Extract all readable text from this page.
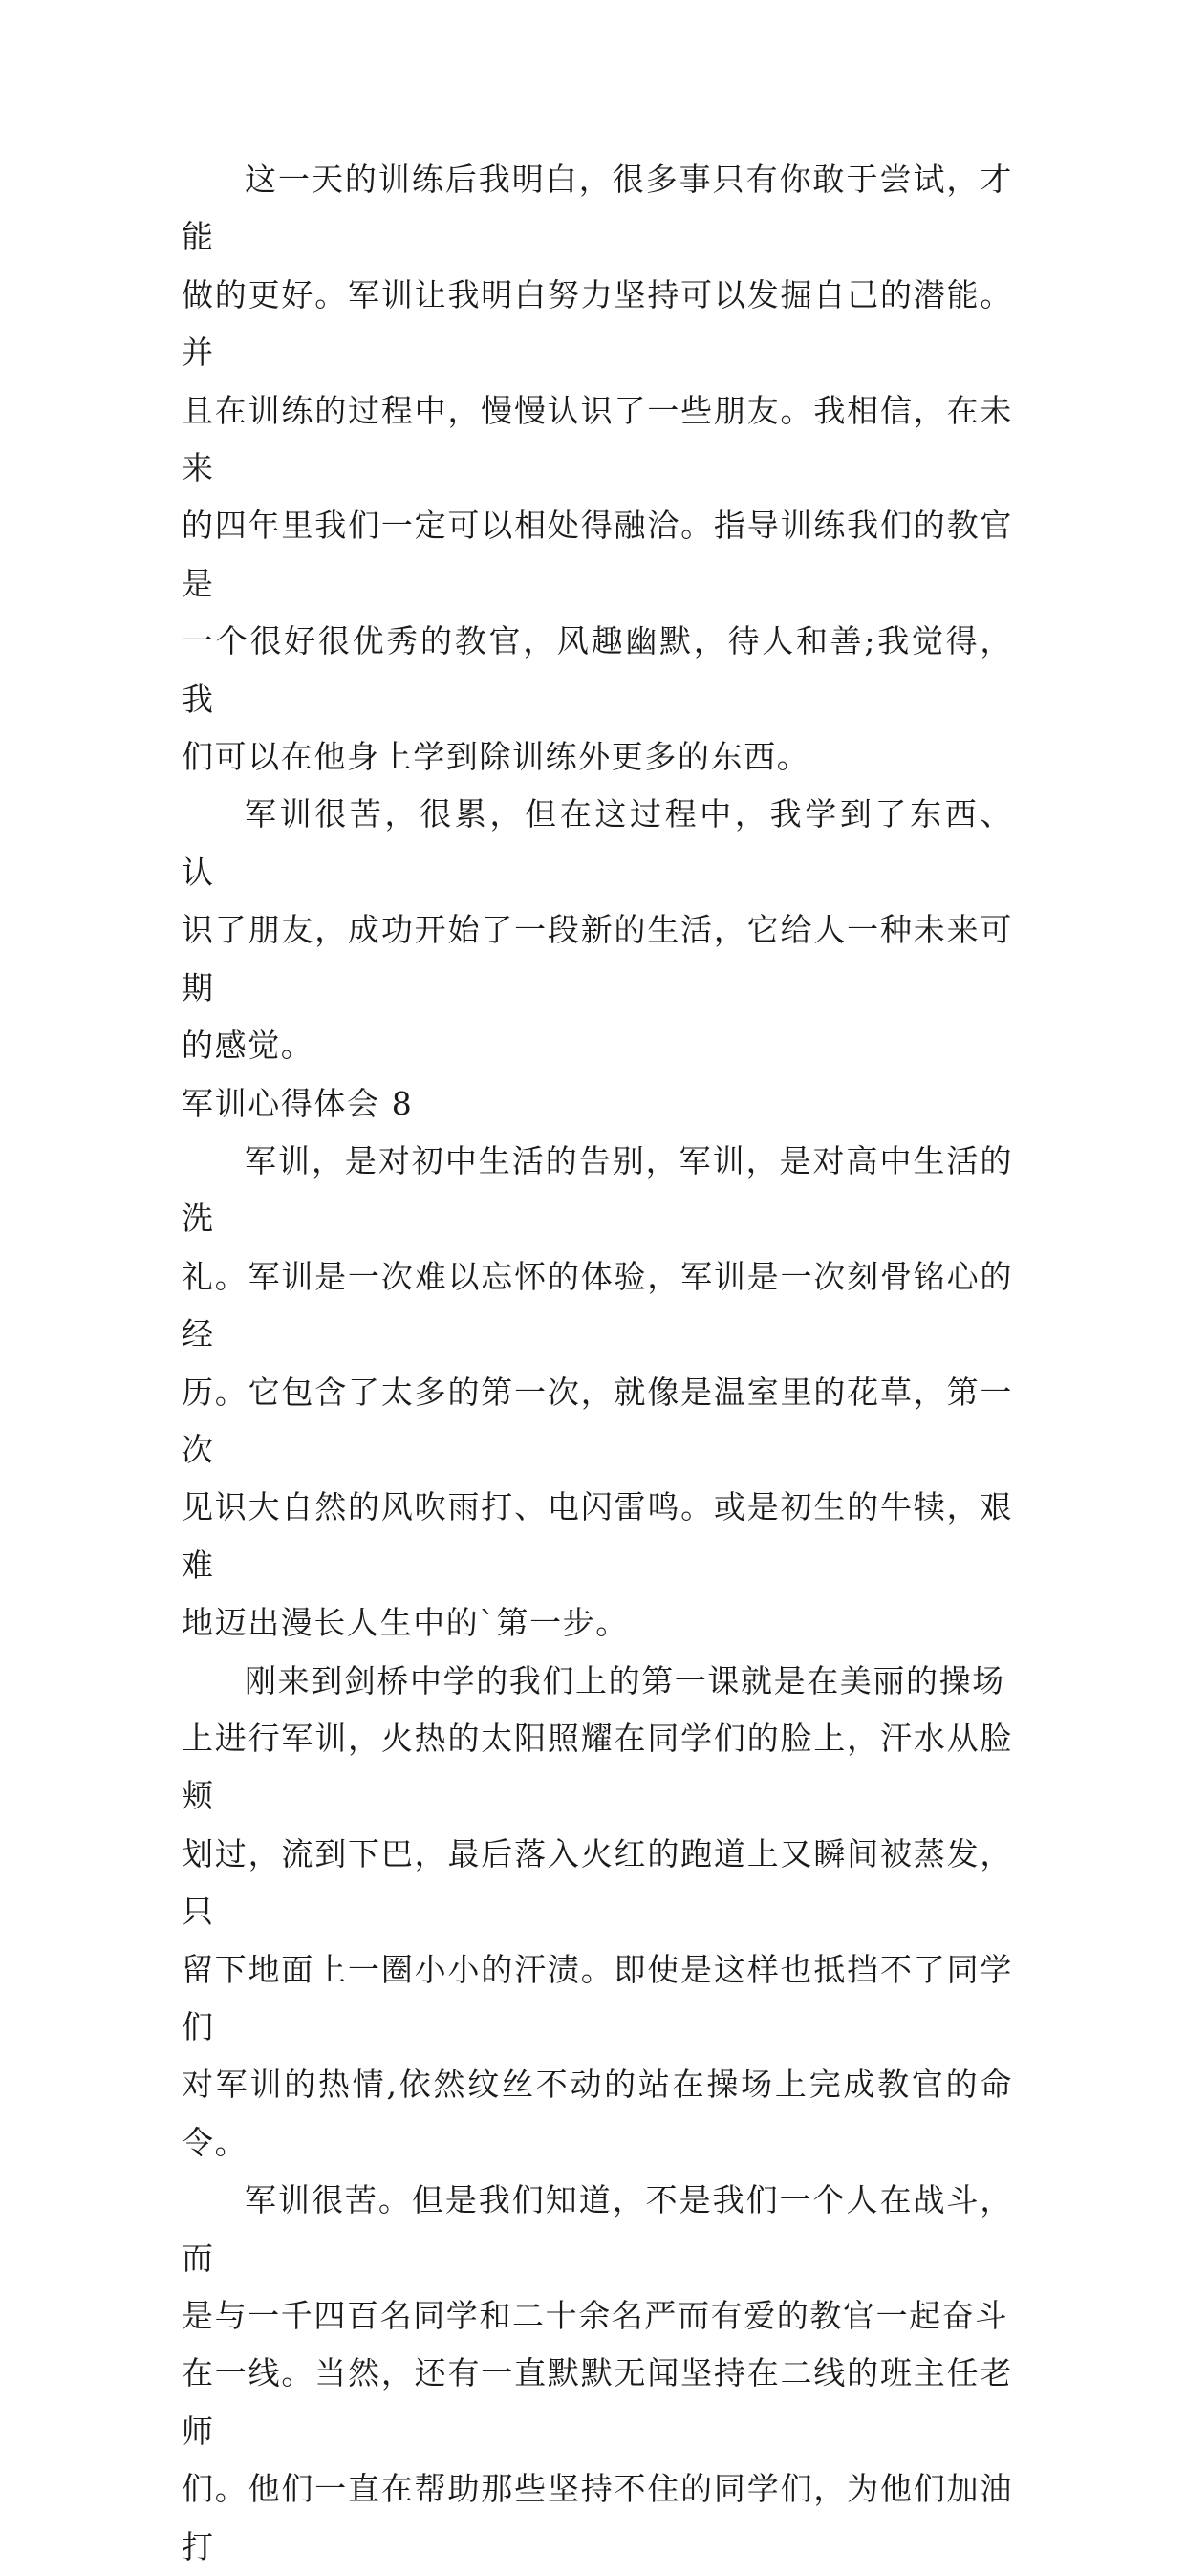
这一天的训练后我明白，很多事只有你敢于尝试，才能
做的更好。军训让我明白努力坚持可以发掘自己的潜能。并
且在训练的过程中，慢慢认识了一些朋友。我相信，在未来
的四年里我们一定可以相处得融洽。指导训练我们的教官是
一个很好很优秀的教官，风趣幽默，待人和善;我觉得，我
们可以在他身上学到除训练外更多的东西。

军训很苦，很累，但在这过程中，我学到了东西、 认
识了朋友，成功开始了一段新的生活，它给人一种未来可期
的感觉。

军训心得体会 8

军训，是对初中生活的告别，军训，是对高中生活的洗
礼。军训是一次难以忘怀的体验，军训是一次刻骨铭心的经
历。它包含了太多的第一次，就像是温室里的花草，第一次
见识大自然的风吹雨打、电闪雷鸣。或是初生的牛犊，艰难
地迈出漫长人生中的`第一步。

刚来到剑桥中学的我们上的第一课就是在美丽的操场
上进行军训，火热的太阳照耀在同学们的脸上，汗水从脸颊
划过，流到下巴，最后落入火红的跑道上又瞬间被蒸发，只
留下地面上一圈小小的汗渍。即使是这样也抵挡不了同学们
对军训的热情,依然纹丝不动的站在操场上完成教官的命令。

军训很苦。但是我们知道，不是我们一个人在战斗，而
是与一千四百名同学和二十余名严而有爱的教官一起奋斗
在一线。当然，还有一直默默无闻坚持在二线的班主任老师
们。他们一直在帮助那些坚持不住的同学们，为他们加油打
